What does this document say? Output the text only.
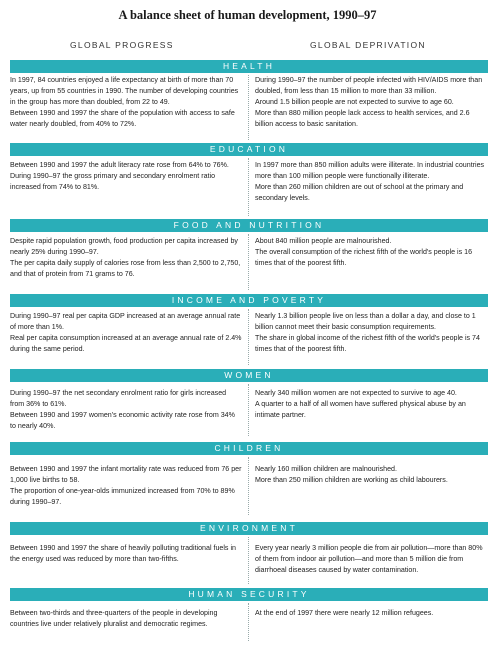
A balance sheet of human development, 1990–97
GLOBAL PROGRESS	GLOBAL DEPRIVATION
HEALTH

In 1997, 84 countries enjoyed a life expectancy at birth of more than 70 years, up from 55 countries in 1990. The number of developing countries in the group has more than doubled, from 22 to 49.

Between 1990 and 1997 the share of the population with access to safe water nearly doubled, from 40% to 72%.

During 1990–97 the number of people infected with HIV/AIDS more than doubled, from less than 15 million to more than 33 million.

Around 1.5 billion people are not expected to survive to age 60.

More than 880 million people lack access to health services, and 2.6 billion access to basic sanitation.

EDUCATION

Between 1990 and 1997 the adult literacy rate rose from 64% to 76%.

During 1990–97 the gross primary and secondary enrolment ratio increased from 74% to 81%.

In 1997 more than 850 million adults were illiterate. In industrial countries more than 100 million people were functionally illiterate.

More than 260 million children are out of school at the primary and secondary levels.

FOOD AND NUTRITION

Despite rapid population growth, food production per capita increased by nearly 25% during 1990–97.

The per capita daily supply of calories rose from less than 2,500 to 2,750, and that of protein from 71 grams to 76.

About 840 million people are malnourished.

The overall consumption of the richest fifth of the world's people is 16 times that of the poorest fifth.

INCOME AND POVERTY

During 1990–97 real per capita GDP increased at an average annual rate of more than 1%.

Real per capita consumption increased at an average annual rate of 2.4% during the same period.

Nearly 1.3 billion people live on less than a dollar a day, and close to 1 billion cannot meet their basic consumption requirements.

The share in global income of the richest fifth of the world's people is 74 times that of the poorest fifth.

WOMEN

During 1990–97 the net secondary enrolment ratio for girls increased from 36% to 61%.

Between 1990 and 1997 women's economic activity rate rose from 34% to nearly 40%.

Nearly 340 million women are not expected to survive to age 40.

A quarter to a half of all women have suffered physical abuse by an intimate partner.

CHILDREN

Between 1990 and 1997 the infant mortality rate was reduced from 76 per 1,000 live births to 58.

The proportion of one-year-olds immunized increased from 70% to 89% during 1990–97.

Nearly 160 million children are malnourished.

More than 250 million children are working as child labourers.

ENVIRONMENT

Between 1990 and 1997 the share of heavily polluting traditional fuels in the energy used was reduced by more than two-fifths.

Every year nearly 3 million people die from air pollution—more than 80% of them from indoor air pollution—and more than 5 million die from diarrhoeal diseases caused by water contamination.

HUMAN SECURITY

Between two-thirds and three-quarters of the people in developing countries live under relatively pluralist and democratic regimes.

At the end of 1997 there were nearly 12 million refugees.
